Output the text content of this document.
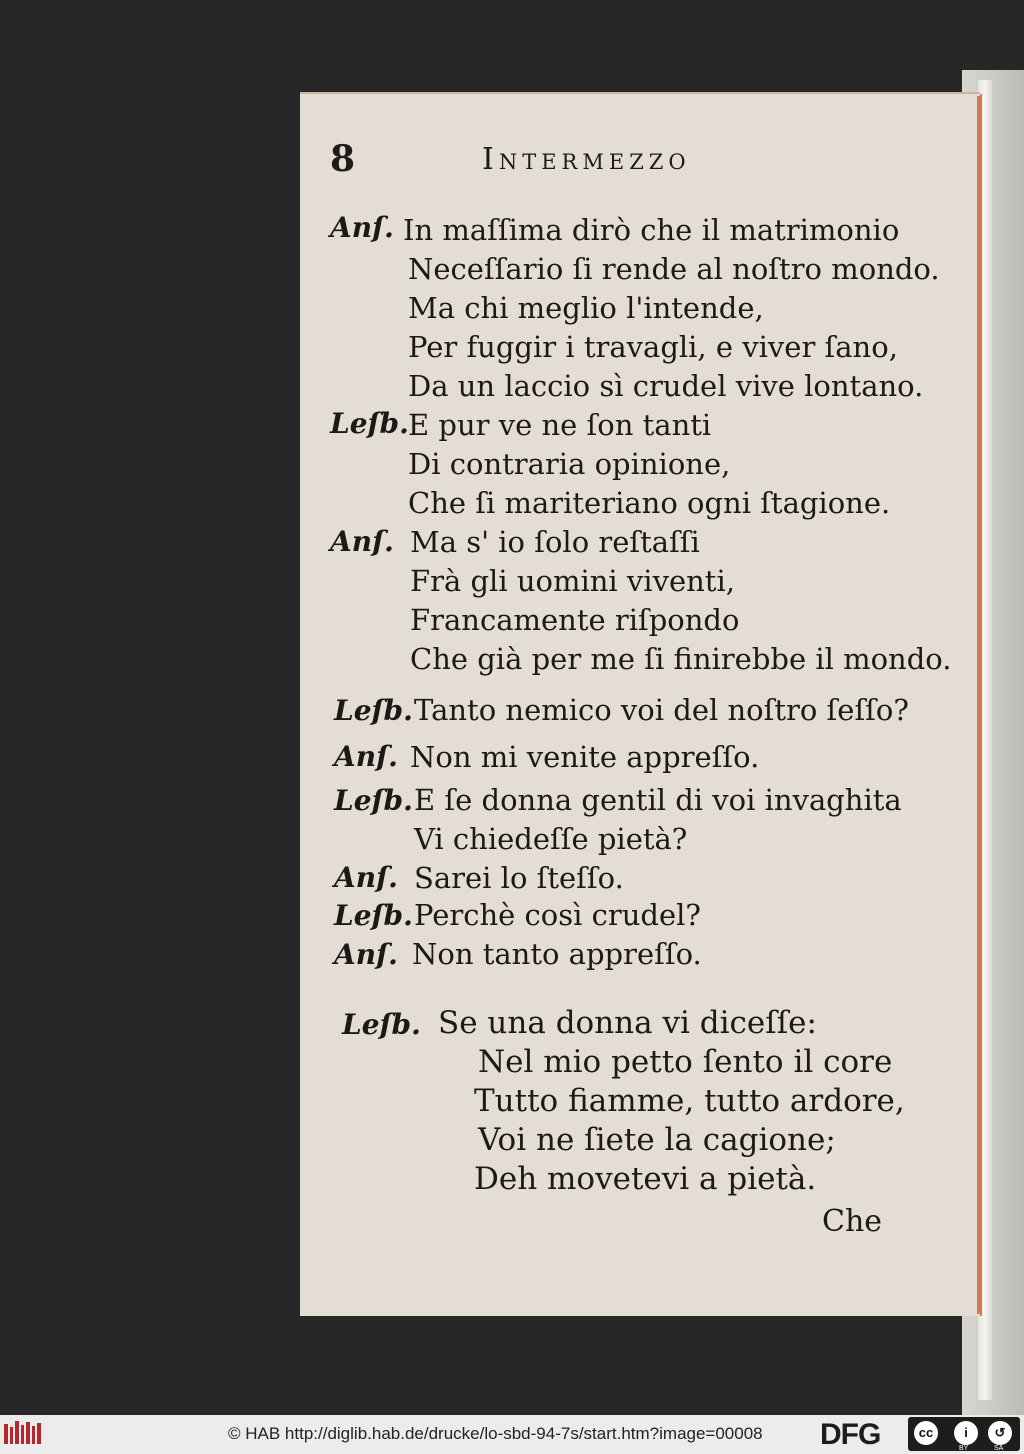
8	Intermezzo
Anſ. In maſſima dirò che il matrimonio
Neceſſario ſi rende al noſtro mondo.
Ma chi meglio l'intende,
Per fuggir i travagli, e viver ſano,
Da un laccio sì crudel vive lontano.
Leſb. E pur ve ne ſon tanti
Di contraria opinione,
Che ſi mariteriano ogni ſtagione.
Anſ. Ma s' io ſolo reſtaſſi
Frà gli uomini viventi,
Francamente riſpondo
Che già per me ſi finirebbe il mondo.
Leſb. Tanto nemico voi del noſtro ſeſſo?
Anſ. Non mi venite appreſſo.
Leſb. E ſe donna gentil di voi invaghita
Vi chiedeſſe pietà?
Anſ. Sarei lo ſteſſo.
Leſb. Perchè così crudel?
Anſ. Non tanto appreſſo.
Leſb. Se una donna vi diceſſe:
Nel mio petto ſento il core
Tutto fiamme, tutto ardore,
Voi ne ſiete la cagione;
Deh movetevi a pietà.
Che
© HAB http://diglib.hab.de/drucke/lo-sbd-94-7s/start.htm?image=00008 DFG	cc	i	↺
BY	SA
